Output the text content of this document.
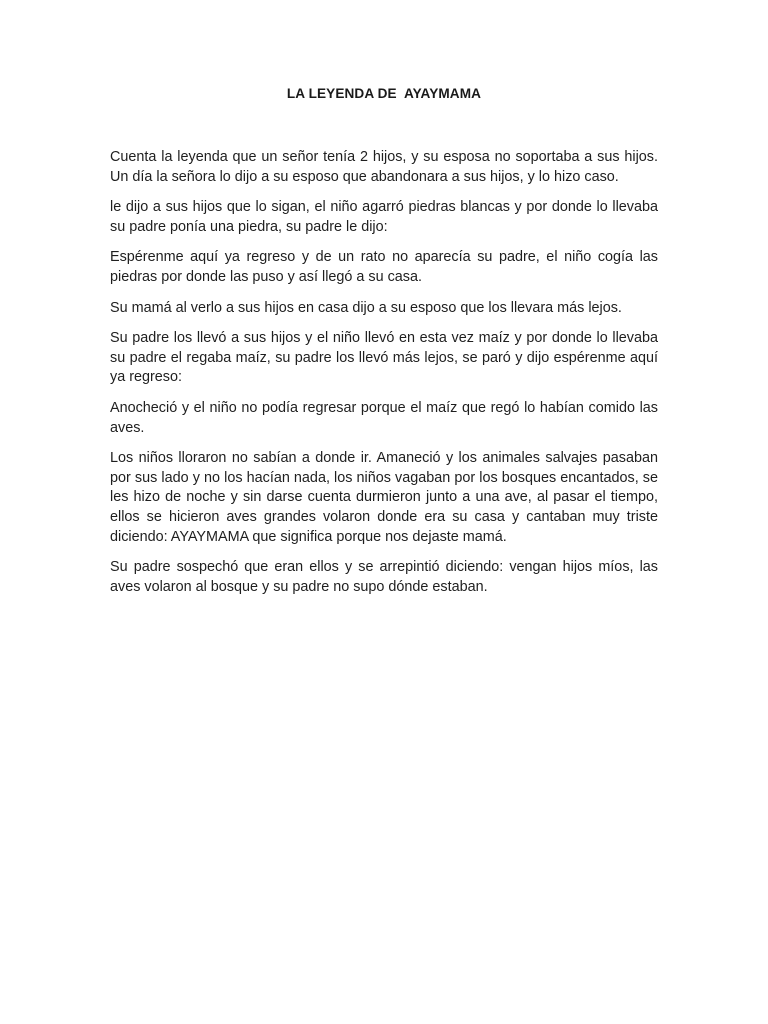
LA LEYENDA DE  AYAYMAMA

Cuenta la leyenda que un señor tenía 2 hijos, y su esposa no soportaba a sus hijos. Un día la señora lo dijo a su esposo que abandonara a sus hijos, y lo hizo caso.

le dijo a sus hijos que lo sigan, el niño agarró piedras blancas y por donde lo llevaba su padre ponía una piedra, su padre le dijo:

Espérenme aquí ya regreso y de un rato no aparecía su padre, el niño cogía las piedras por donde las puso y así llegó a su casa.

Su mamá al verlo a sus hijos en casa dijo a su esposo que los llevara más lejos.

Su padre los llevó a sus hijos y el niño llevó en esta vez maíz y por donde lo llevaba su padre el regaba maíz, su padre los llevó más lejos, se paró y dijo espérenme aquí ya regreso:

Anocheció y el niño no podía regresar porque el maíz que regó lo habían comido las aves.

Los niños lloraron no sabían a donde ir. Amaneció y los animales salvajes pasaban por sus lado y no los hacían nada, los niños vagaban por los bosques encantados, se les hizo de noche y sin darse cuenta durmieron junto a una ave, al pasar el tiempo, ellos se hicieron aves grandes volaron donde era su casa y cantaban muy triste diciendo: AYAYMAMA que significa porque nos dejaste mamá.

Su padre sospechó que eran ellos y se arrepintió diciendo: vengan hijos míos, las aves volaron al bosque y su padre no supo dónde estaban.
